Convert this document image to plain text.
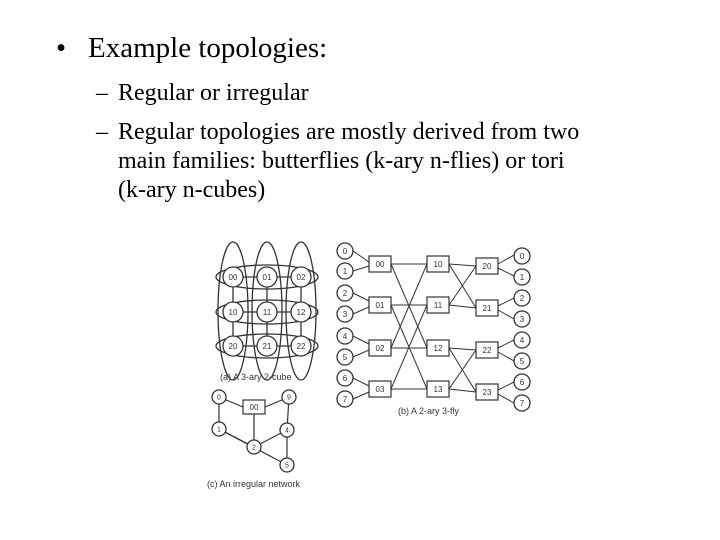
• Example topologies:
– Regular or irregular
– Regular topologies are mostly derived from two
main families: butterflies (k-ary n-flies) or tori
(k-ary n-cubes)
00	01	02
10	11	12
20	21	22
(a) A 3-ary 2-cube
0
1
2
3
4
5
6
7
0
1
2
3
4
5
6
7
00
01
02
03
10
11
12
13
20
21
22
23
(b) A 2-ary 3-fly
0	9
00
1	4
2
5
(c) An irregular network
